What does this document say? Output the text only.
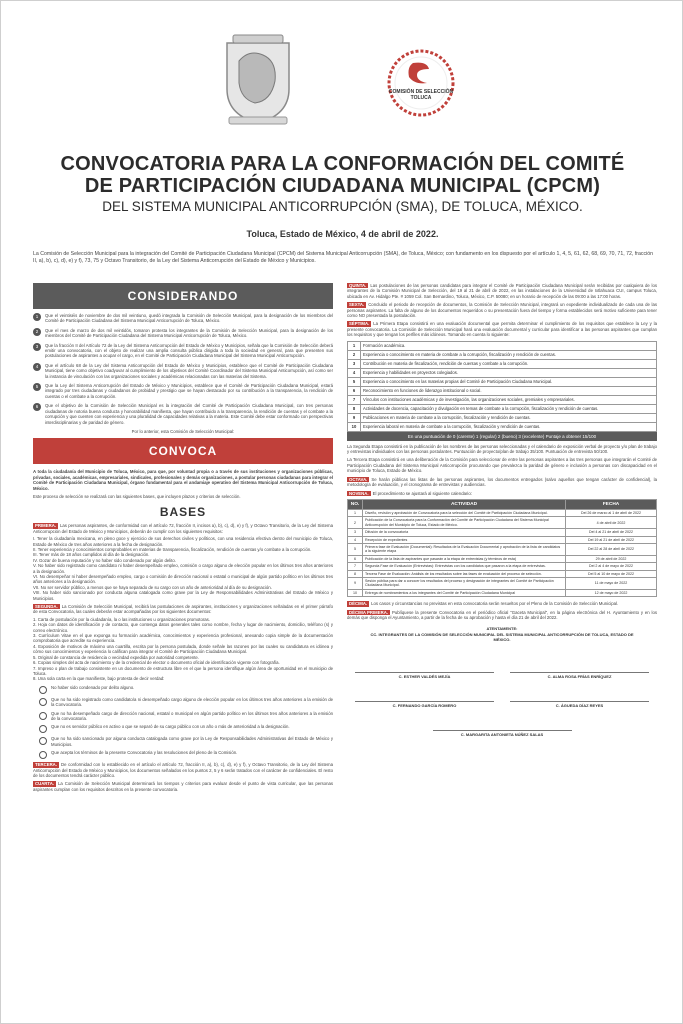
COMISIÓN DE SELECCIÓN TOLUCA

CONVOCATORIA PARA LA CONFORMACIÓN DEL COMITÉ

DE PARTICIPACIÓN CIUDADANA MUNICIPAL (CPCM)

DEL SISTEMA MUNICIPAL ANTICORRUPCIÓN (SMA), DE TOLUCA, MÉXICO.

Toluca, Estado de México, 4 de abril de 2022.
La Comisión de Selección Municipal para la integración del Comité de Participación Ciudadana Municipal (CPCM) del Sistema Municipal Anticorrupción (SMA), de Toluca, México; con fundamento en los dispuesto por el artículo 1, 4, 5, 61, 62, 68, 69, 70, 71, 72, fracción II, a), b), c), d), e) y f), 73, 75 y Octavo Transitorio, de la Ley del Sistema Anticorrupción del Estado de México y Municipios.
CONSIDERANDO
1	Que el veintiséis de noviembre de dos mil veintiuno, quedó integrada la Comisión de Selección Municipal, para la designación de los miembros del Comité de Participación Ciudadana del Sistema Municipal Anticorrupción de Toluca, México.
2	Que el mes de marzo de dos mil veintidós, tomaron protesta los integrantes de la Comisión de Selección Municipal, para la designación de los miembros del Comité de Participación Ciudadana del Sistema Municipal Anticorrupción de Toluca, México.
3	Que la fracción II del Artículo 72 de la Ley del Sistema Anticorrupción del Estado de México y Municipios, señala que la Comisión de Selección deberá emitir una convocatoria, con el objeto de realizar una amplia consulta pública dirigida a toda la sociedad en general, para que presenten sus postulaciones de aspirantes a ocupar el cargo, en el Comité de Participación Ciudadana Municipal del Sistema Municipal Anticorrupción.
4	Que el artículo 68 de la Ley del Sistema Anticorrupción del Estado de México y Municipios, establece que el Comité de Participación Ciudadana Municipal, tiene como objetivo coadyuvar al cumplimiento de los objetivos del Comité Coordinador del Sistema Municipal Anticorrupción, así como ser la instancia de vinculación con las organizaciones sociales y académicas relacionadas con las materias del Sistema.
5	Que la Ley del Sistema Anticorrupción del Estado de México y Municipios, establece que el Comité de Participación Ciudadana Municipal, estará integrado por tres ciudadanas y ciudadanos de probidad y prestigio que se hayan destacado por su contribución a la transparencia, la rendición de cuentas o el combate a la corrupción.
6	Que el objetivo de la Comisión de Selección Municipal es la integración del Comité de Participación Ciudadana Municipal, con tres personas ciudadanas de notoria buena conducta y honorabilidad manifiesta, que hayan contribuido a la transparencia, la rendición de cuentas y el combate a la corrupción y que cuenten con experiencia y una pluralidad de capacidades relativas a la materia. Este Comité debe estar conformado con perspectivas interdisciplinarias y de paridad de género.
Por lo anterior, esta Comisión de Selección Municipal:
CONVOCA
A toda la ciudadanía del Municipio de Toluca, México, para que, por voluntad propia o a través de sus instituciones y organizaciones públicas, privadas, sociales, académicas, empresariales, sindicales, profesionales y demás organizaciones, a postular personas ciudadanas para integrar el Comité de Participación Ciudadana Municipal, órgano fundamental para el andamiaje operativo del Sistema Municipal Anticorrupción de Toluca, México.
Este proceso de selección se realizará con las siguientes bases, que incluyen plazos y criterios de selección.
BASES
PRIMERA. Las personas aspirantes, de conformidad con el artículo 72, fracción II, incisos a), b), c), d), e) y f), y Octavo Transitorio, de la Ley del Sistema Anticorrupción del Estado de México y Municipios, deberán de cumplir con los siguientes requisitos:
I. Tener la ciudadanía mexicana, en pleno goce y ejercicio de sus derechos civiles y políticos, con una residencia efectiva dentro del municipio de Toluca, Estado de México de tres años anteriores a la fecha de designación.
II. Tener experiencia y conocimientos comprobables en materias de transparencia, fiscalización, rendición de cuentas y/o combate a la corrupción.
III. Tener más de 18 años cumplidos al día de la designación.
IV. Gozar de buena reputación y no haber sido condenado por algún delito.
V. No haber sido registrado como candidato ni haber desempeñado empleo, comisión o cargo alguno de elección popular en los últimos tres años anteriores a la designación.
VI. No desempeñar ni haber desempeñado empleo, cargo o comisión de dirección nacional o estatal o municipal de algún partido político en los últimos tres años anteriores a la designación.
VII. No ser servidor público, a menos que se haya separado de su cargo con un año de anterioridad al día de su designación.
VIII. No haber sido sancionado por conducta alguna catalogada como grave por la Ley de Responsabilidades Administrativas del Estado de México y Municipios.
SEGUNDA. La Comisión de Selección Municipal, recibirá las postulaciones de aspirantes, instituciones y organizaciones señaladas en el primer párrafo de esta Convocatoria, las cuales deberán estar acompañadas por los siguientes documentos:
1. Carta de postulación por la ciudadanía, la o las instituciones u organizaciones promotoras.
2. Hoja con datos de identificación y de contacto, que contenga datos generales tales como nombre, fecha y lugar de nacimiento, domicilio, teléfono (s) y correo electrónico.
3. Currículum Vitae en el que exponga su formación académica, conocimientos y experiencia profesional, anexando copia simple de la documentación comprobatoria que acredite su experiencia.
4. Exposición de motivos de máximo una cuartilla, escrita por la persona postulada, donde señale las razones por las cuales su candidatura es idónea y cómo sus conocimientos y experiencia lo califican para integrar el Comité de Participación Ciudadana Municipal.
5. Original de constancia de residencia o vecindad expedida por autoridad competente.
6. Copias simples del acta de nacimiento y de la credencial de elector o documento oficial de identificación vigente con fotografía.
7. Impreso o plan de trabajo consistente en un documento de estructura libre en el que la persona identifique algún área de oportunidad en el municipio de Toluca.
8. Una sola carta en la que manifieste, bajo protesta de decir verdad:
No haber sido condenado por delito alguno.
Que no ha sido registrado como candidato/a ni desempeñado cargo alguno de elección popular en los últimos tres años anteriores a la emisión de la Convocatoria.
Que no ha desempeñado cargo de dirección nacional, estatal o municipal en algún partido político en los últimos tres años anteriores a la emisión de la convocatoria.
Que no es servidor público en activo o que se separó de su cargo público con un año o más de anterioridad a la designación.
Que no ha sido sancionado por alguna conducta catalogada como grave por la Ley de Responsabilidades Administrativas del Estado de México y Municipios.
Que acepta los términos de la presente Convocatoria y las resoluciones del pleno de la Comisión.
TERCERA. De conformidad con lo establecido en el artículo el artículo 72, fracción II, a), b), c), d), e) y f), y Octavo Transitorio, de la Ley del Sistema Anticorrupción del Estado de México y Municipios, los documentos señalados en los puntos 2, 5 y 6 serán tratados con el carácter de confidenciales. El resto de los documentos tendrá carácter público.
CUARTA. La Comisión de Selección Municipal determinará los tiempos y criterios para evaluar desde el punto de vista curricular, que las personas aspirantes cumplan con los requisitos descritos en la presente convocatoria.
QUINTA. Las postulaciones de las personas candidatas para integrar el Comité de Participación Ciudadana Municipal serán recibidas por cualquiera de los integrantes de la Comisión Municipal de Selección, del 19 al 21 de abril de 2022, en las instalaciones de la Universidad de Ixtlahuaca CUI, campus Toluca, ubicada en Av. Hidalgo Pte. # 1059 Col. San Bernardino, Toluca, México, C.P. 50080; en un horario de recepción de las 09:00 a las 17:00 horas.
SEXTA. Concluido el periodo de recepción de documentos, la Comisión de Selección Municipal, integrará un expediente individualizado de cada una de las personas aspirantes. La falta de alguno de los documentos requeridos o su presentación fuera del tiempo y forma establecidos será motivo suficiente para tener como NO presentada la postulación.
SÉPTIMA. La Primera Etapa consistirá en una evaluación documental que permita determinar el cumplimiento de los requisitos que establece la Ley y la presente convocatoria. La Comisión de Selección Municipal hará una evaluación documental y curricular para identificar a las personas aspirantes que cumplan los requisitos y que tengan los perfiles más idóneos. Tomando en cuenta lo siguiente:
1	Formación académica.
2	Experiencia o conocimiento en materia de combate a la corrupción, fiscalización y rendición de cuentas.
3	Contribución en materia de fiscalización, rendición de cuentas y combate a la corrupción.
4	Experiencia y habilidades en proyectos colegiados.
5	Experiencia o conocimiento en las materias propias del Comité de Participación Ciudadana Municipal.
6	Reconocimiento en funciones de liderazgo institucional o social.
7	Vínculos con instituciones académicas y de investigación, las organizaciones sociales, gremiales y empresariales.
8	Actividades de docencia, capacitación y divulgación en temas de combate a la corrupción, fiscalización y rendición de cuentas.
9	Publicaciones en materia de combate a la corrupción, fiscalización y rendición de cuentas.
10	Experiencia laboral en materia de combate a la corrupción, fiscalización y rendición de cuentas.
En una puntuación de 0 (carente) 1 (regular) 2 (bueno) 3 (excelente) Puntaje a obtener 15/100
La Segunda Etapa consistirá en la publicación de los nombres de las personas seleccionadas y el calendario de exposición verbal de proyecto y/o plan de trabajo y entrevistas individuales con las personas postulantes. Puntuación de proyecto/plan de trabajo 35/100. Puntuación de entrevista 50/100.
La Tercera Etapa consistirá en una deliberación de la Comisión para seleccionar de entre las personas aspirantes a las tres personas que integrarán el Comité de Participación Ciudadana del Sistema Municipal Anticorrupción procurando que prevalezca la paridad de género e inclusión a personas con discapacidad en el municipio de Toluca, Estado de México.
OCTAVA. Se harán públicas las listas de las personas aspirantes, los documentos entregados (salvo aquellos que tengan carácter de confidencial), la metodología de evaluación, y el cronograma de entrevistas y audiencias.
NOVENA. El procedimiento se ajustará al siguiente calendario:
NO.	ACTIVIDAD	FECHA
1	Diseño, revisión y aprobación de Convocatoria para la selección del Comité de Participación Ciudadana Municipal.	Del 26 de marzo al 1 de abril de 2022
2	Publicación de la Convocatoria para la Conformación del Comité de Participación Ciudadana del Sistema Municipal Anticorrupción del Municipio de Toluca, Estado de México.	4 de abril de 2022
3	Difusión de la convocatoria	Del 4 al 21 de abril de 2022
4	Recepción de expedientes	Del 19 al 21 de abril de 2022
5	Primera fase de Evaluación (Documental): Resultados de la Evaluación Documental y aprobación de la lista de candidatos a la siguiente etapa	Del 22 al 28 de abril de 2022
6	Publicación de la lista de aspirantes que pasarán a la etapa de entrevistas (y términos de esta)	29 de abril de 2022
7	Segunda Fase de Evaluación (Entrevistas): Entrevistas con los candidatos que pasaron a la etapa de entrevistas.	Del 2 al 4 de mayo de 2022
8	Tercera Fase de Evaluación: Análisis de los resultados sobre las fases de evaluación del proceso de selección.	Del 5 al 10 de mayo de 2022
9	Sesión pública para dar a conocer los resultados del proceso y designación de integrantes del Comité de Participación Ciudadana Municipal.	11 de mayo de 2022
10	Entrega de nombramientos a los integrantes del Comité de Participación Ciudadana Municipal	12 de mayo de 2022
DÉCIMA. Los casos y circunstancias no previstas en esta convocatoria serán resueltos por el Pleno de la Comisión de Selección Municipal.
DÉCIMA PRIMERA. Publíquese la presente Convocatoria en el periódico oficial "Gaceta Municipal", en la página electrónica del H. Ayuntamiento y en los demás que disponga el Ayuntamiento, a partir de la fecha de su aprobación y hasta el día 21 de abril del 2022.
ATENTAMENTE:
CC. INTEGRANTES DE LA COMISIÓN DE SELECCIÓN MUNICIPAL DEL SISTEMA MUNICIPAL ANTICORRUPCIÓN DE TOLUCA, ESTADO DE MÉXICO.
C. ESTHER VALDÉS MEJÍA	C. ALMA ROSA FRÍAS ENRÍQUEZ
C. FERNANDO GARCÍA ROMERO	C. ÁGUEDA DÍAZ REYES
C. MARGARITA ANTONIETA NÚÑEZ SALAS
